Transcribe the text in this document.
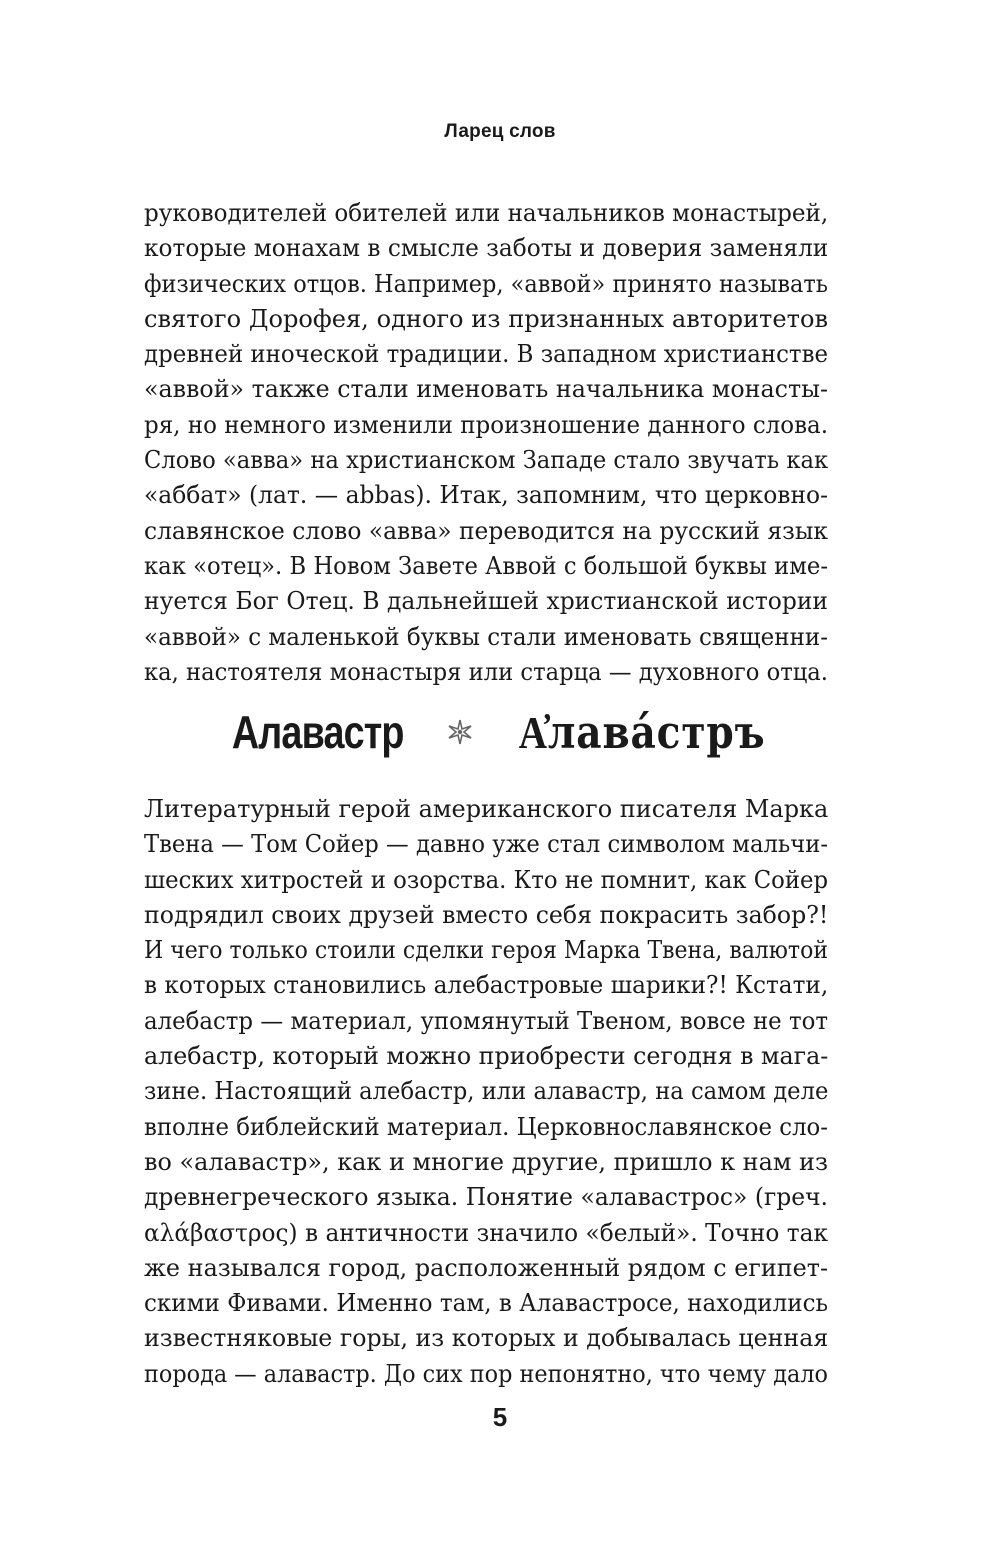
Ларец слов
руководителей обителей или начальников монастырей,
которые монахам в смысле заботы и доверия заменяли
физических отцов. Например, «аввой» принято называть
святого Дорофея, одного из признанных авторитетов
древней иноческой традиции. В западном христианстве
«аввой» также стали именовать начальника монасты-
ря, но немного изменили произношение данного слова.
Слово «авва» на христианском Западе стало звучать как
«аббат» (лат. — abbas). Итак, запомним, что церковно-
славянское слово «авва» переводится на русский язык
как «отец». В Новом Завете Аввой с большой буквы име-
нуется Бог Отец. В дальнейшей христианской истории
«аввой» с маленькой буквы стали именовать священни-
ка, настоятеля монастыря или старца — духовного отца.
Алавастр А҆лава́стръ
Литературный герой американского писателя Марка
Твена — Том Сойер — давно уже стал символом мальчи-
шеских хитростей и озорства. Кто не помнит, как Сойер
подрядил своих друзей вместо себя покрасить забор?!
И чего только стоили сделки героя Марка Твена, валютой
в которых становились алебастровые шарики?! Кстати,
алебастр — материал, упомянутый Твеном, вовсе не тот
алебастр, который можно приобрести сегодня в мага-
зине. Настоящий алебастр, или алавастр, на самом деле
вполне библейский материал. Церковнославянское сло-
во «алавастр», как и многие другие, пришло к нам из
древнегреческого языка. Понятие «алавастрос» (греч.
αλάβαστρος) в античности значило «белый». Точно так
же назывался город, расположенный рядом с египет-
скими Фивами. Именно там, в Алавастросе, находились
известняковые горы, из которых и добывалась ценная
порода — алавастр. До сих пор непонятно, что чему дало
5
